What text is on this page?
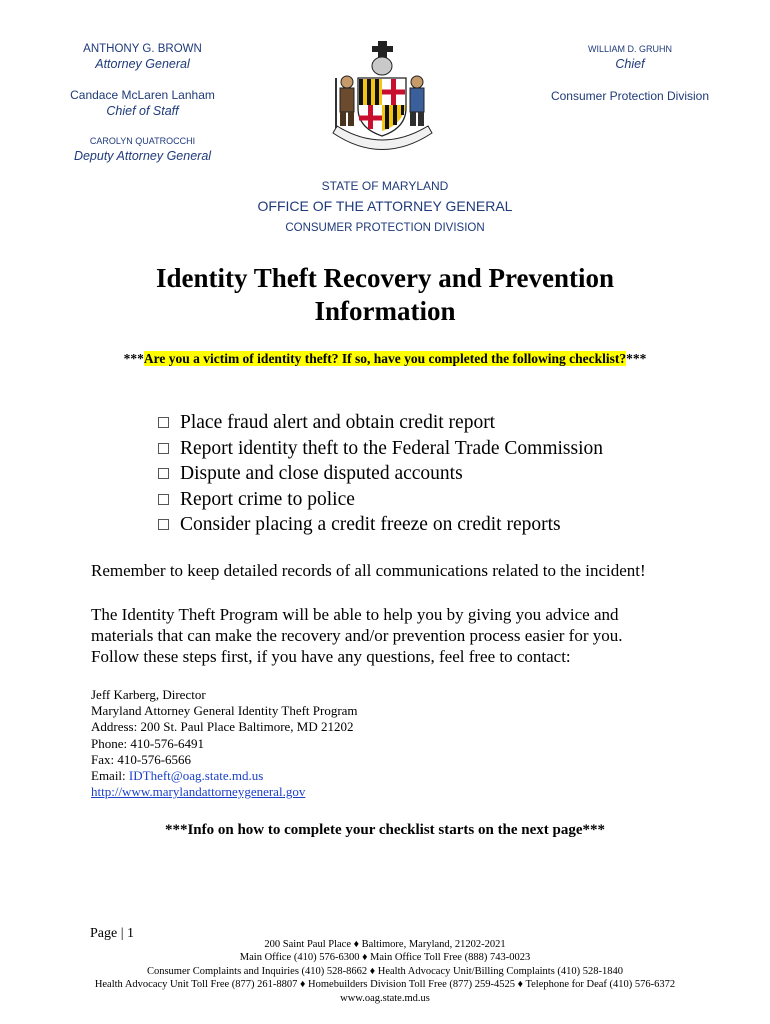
ANTHONY G. BROWN
Attorney General
Candace McLaren Lanham
Chief of Staff
CAROLYN QUATROCCHI
Deputy Attorney General
WILLIAM D. GRUHN
Chief
Consumer Protection Division
STATE OF MARYLAND
OFFICE OF THE ATTORNEY GENERAL
CONSUMER PROTECTION DIVISION
Identity Theft Recovery and Prevention
Information
***Are you a victim of identity theft? If so, have you completed the following checklist?***
Place fraud alert and obtain credit report
Report identity theft to the Federal Trade Commission
Dispute and close disputed accounts
Report crime to police
Consider placing a credit freeze on credit reports
Remember to keep detailed records of all communications related to the incident!
The Identity Theft Program will be able to help you by giving you advice and
materials that can make the recovery and/or prevention process easier for you.
Follow these steps first, if you have any questions, feel free to contact:
Jeff Karberg, Director
Maryland Attorney General Identity Theft Program
Address: 200 St. Paul Place Baltimore, MD 21202
Phone: 410-576-6491
Fax: 410-576-6566
Email: IDTheft@oag.state.md.us
http://www.marylandattorneygeneral.gov
***Info on how to complete your checklist starts on the next page***
Page | 1
200 Saint Paul Place ♦ Baltimore, Maryland, 21202-2021
Main Office (410) 576-6300 ♦ Main Office Toll Free (888) 743-0023
Consumer Complaints and Inquiries (410) 528-8662 ♦ Health Advocacy Unit/Billing Complaints (410) 528-1840
Health Advocacy Unit Toll Free (877) 261-8807 ♦ Homebuilders Division Toll Free (877) 259-4525 ♦ Telephone for Deaf (410) 576-6372
www.oag.state.md.us
